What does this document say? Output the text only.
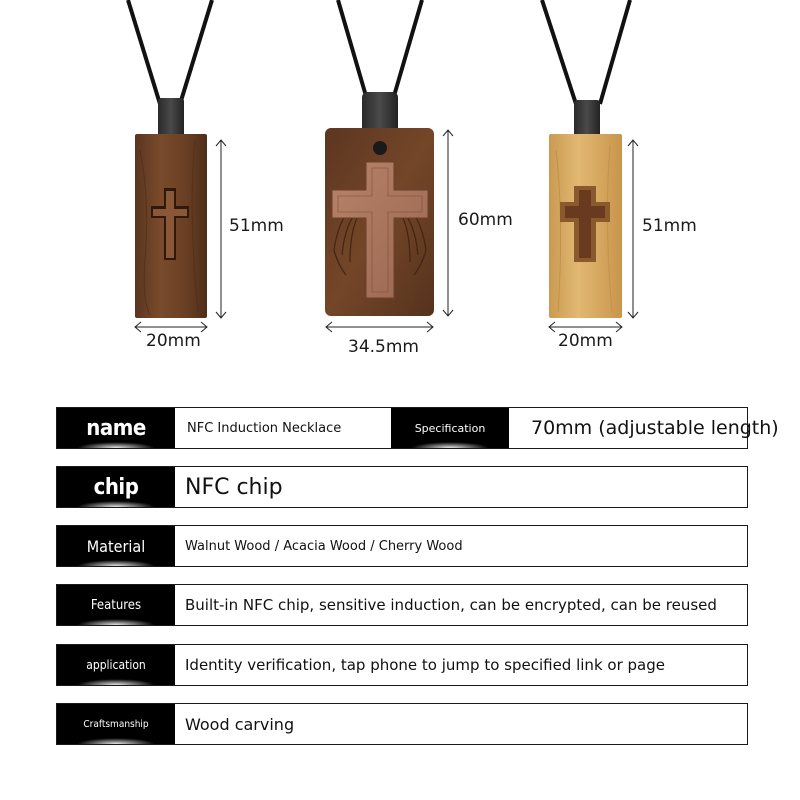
51mm
20mm
60mm
34.5mm
51mm
20mm
name	NFC Induction Necklace	Specification	70mm (adjustable length)
chip	NFC chip
Material	Walnut Wood / Acacia Wood / Cherry Wood
Features	Built-in NFC chip, sensitive induction, can be encrypted, can be reused
application	Identity verification, tap phone to jump to specified link or page
Craftsmanship	Wood carving
